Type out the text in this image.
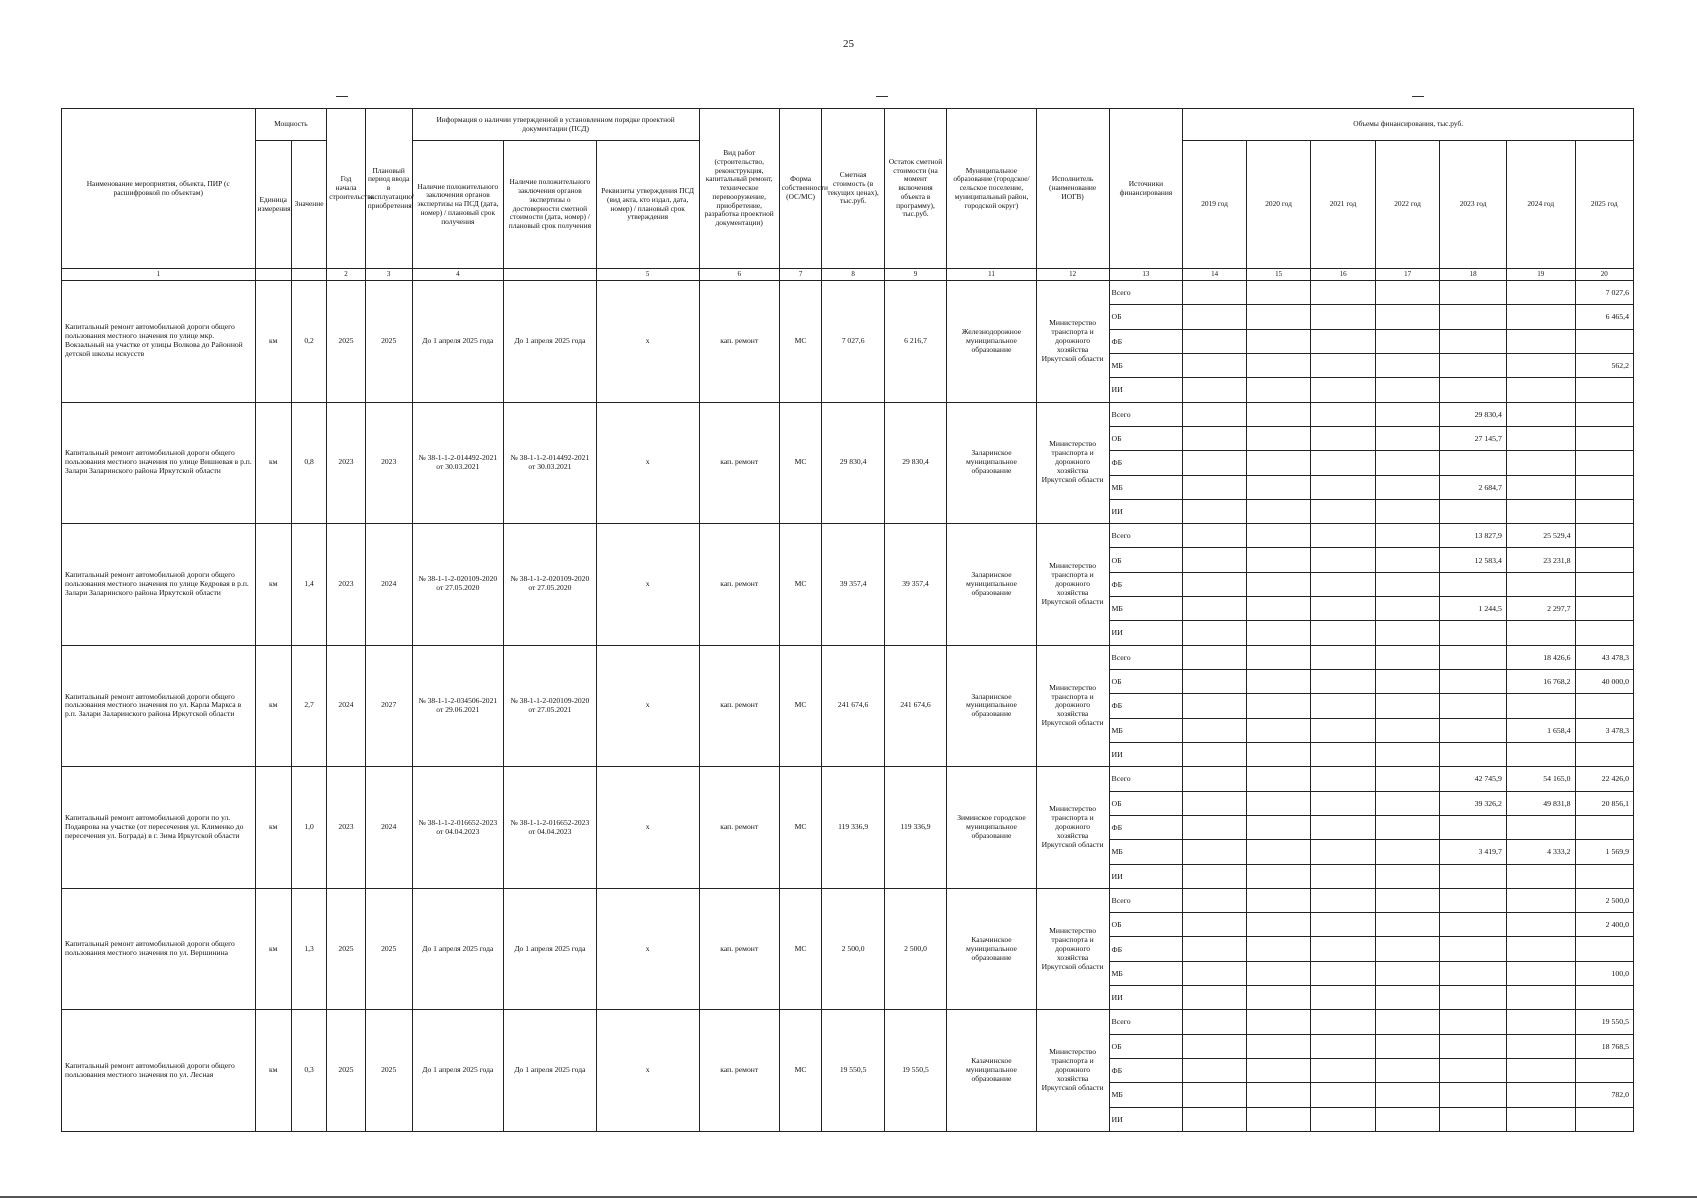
25
Наименование мероприятия, объекта, ПИР (с расшифровкой по объектам)	Мощность		Год начала строительства	Плановый период ввода в эксплуатацию/приобретения	Информация о наличии утвержденной в установленном порядке проектной документации (ПСД)			Вид работ (строительство, реконструкция, капитальный ремонт, техническое перевооружение, приобретение, разработка проектной документации)	Форма собственности (ОС/МС)	Сметная стоимость (в текущих ценах), тыс.руб.	Остаток сметной стоимости (на момент включения объекта в программу), тыс.руб.	Муниципальное образование (городское/сельское поселение, муниципальный район, городской округ)	Исполнитель (наименование ИОГВ)	Источники финансирования	Объемы финансирования, тыс.руб.						
	Единица измерения	Значение			Наличие положительного заключения органов экспертизы на ПСД (дата, номер) / плановый срок получения	Наличие положительного заключения органов экспертизы о достоверности сметной стоимости (дата, номер) / плановый срок получения	Реквизиты утверждения ПСД (вид акта, кто издал, дата, номер) / плановый срок утверждения								2019 год	2020 год	2021 год	2022 год	2023 год	2024 год	2025 год
1			2	3	4		5	6	7	8	9	11	12	13	14	15	16	17	18	19	20
Капитальный ремонт автомобильной дороги общего пользования местного значения по улице мкр. Вокзальный на участке от улицы Волкова до Районной детской школы искусств	км	0,2	2025	2025	До 1 апреля 2025 года	До 1 апреля 2025 года	x	кап. ремонт	МС	7 027,6	6 216,7	Железнодорожное муниципальное образование	Министерство транспорта и дорожного хозяйства Иркутской области	Всего							7 027,6
														ОБ							6 465,4
														ФБ							
														МБ							562,2
														ИИ							
Капитальный ремонт автомобильной дороги общего пользования местного значения по улице Вишневая в р.п. Залари Заларинского района Иркутской области	км	0,8	2023	2023	№ 38-1-1-2-014492-2021 от 30.03.2021	№ 38-1-1-2-014492-2021 от 30.03.2021	x	кап. ремонт	МС	29 830,4	29 830,4	Заларинское муниципальное образование	Министерство транспорта и дорожного хозяйства Иркутской области	Всего					29 830,4		
														ОБ					27 145,7		
														ФБ							
														МБ					2 684,7		
														ИИ							
Капитальный ремонт автомобильной дороги общего пользования местного значения по улице Кедровая в р.п. Залари Заларинского района Иркутской области	км	1,4	2023	2024	№ 38-1-1-2-020109-2020 от 27.05.2020	№ 38-1-1-2-020109-2020 от 27.05.2020	x	кап. ремонт	МС	39 357,4	39 357,4	Заларинское муниципальное образование	Министерство транспорта и дорожного хозяйства Иркутской области	Всего					13 827,9	25 529,4	
														ОБ					12 583,4	23 231,8	
														ФБ							
														МБ					1 244,5	2 297,7	
														ИИ							
Капитальный ремонт автомобильной дороги общего пользования местного значения по ул. Карла Маркса в р.п. Залари Заларинского района Иркутской области	км	2,7	2024	2027	№ 38-1-1-2-034506-2021 от 29.06.2021	№ 38-1-1-2-020109-2020 от 27.05.2021	x	кап. ремонт	МС	241 674,6	241 674,6	Заларинское муниципальное образование	Министерство транспорта и дорожного хозяйства Иркутской области	Всего						18 426,6	43 478,3
														ОБ						16 768,2	40 000,0
														ФБ							
														МБ						1 658,4	3 478,3
														ИИ							
Капитальный ремонт автомобильной дороги по ул. Подаврова на участке (от пересечения ул. Клименко до пересечения ул. Бограда) в г. Зима Иркутской области	км	1,0	2023	2024	№ 38-1-1-2-016652-2023 от 04.04.2023	№ 38-1-1-2-016652-2023 от 04.04.2023	x	кап. ремонт	МС	119 336,9	119 336,9	Зиминское городское муниципальное образование	Министерство транспорта и дорожного хозяйства Иркутской области	Всего					42 745,9	54 165,0	22 426,0
														ОБ					39 326,2	49 831,8	20 856,1
														ФБ							
														МБ					3 419,7	4 333,2	1 569,9
														ИИ							
Капитальный ремонт автомобильной дороги общего пользования местного значения по ул. Вершинина	км	1,3	2025	2025	До 1 апреля 2025 года	До 1 апреля 2025 года	x	кап. ремонт	МС	2 500,0	2 500,0	Казачинское муниципальное образование	Министерство транспорта и дорожного хозяйства Иркутской области	Всего							2 500,0
														ОБ							2 400,0
														ФБ							
														МБ							100,0
														ИИ							
Капитальный ремонт автомобильной дороги общего пользования местного значения по ул. Лесная	км	0,3	2025	2025	До 1 апреля 2025 года	До 1 апреля 2025 года	x	кап. ремонт	МС	19 550,5	19 550,5	Казачинское муниципальное образование	Министерство транспорта и дорожного хозяйства Иркутской области	Всего							19 550,5
														ОБ							18 768,5
														ФБ							
														МБ							782,0
														ИИ							
